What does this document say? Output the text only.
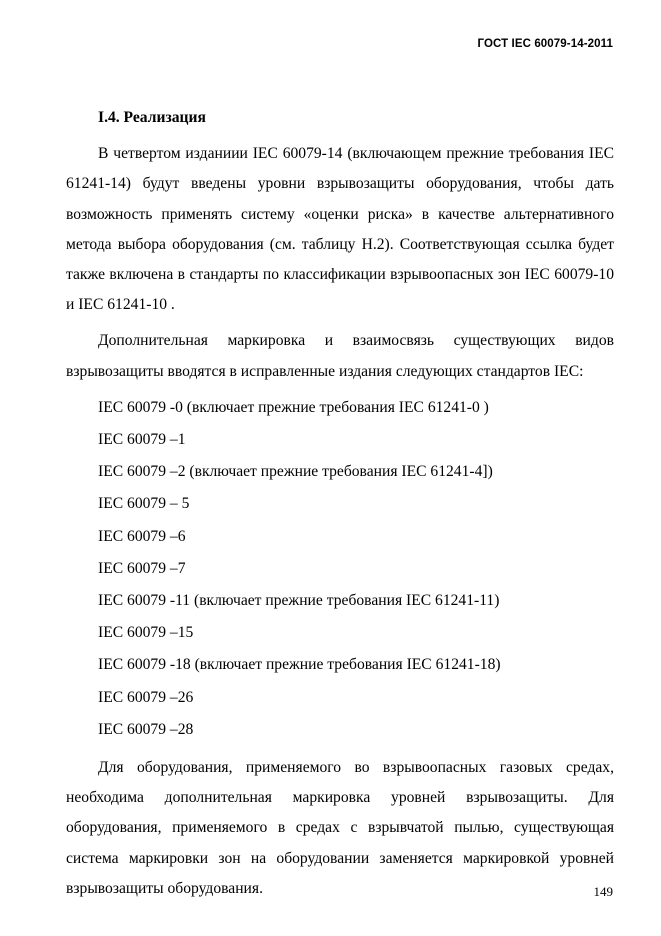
ГОСТ IEC 60079-14-2011

I.4. Реализация

В четвертом изданиии IEC 60079-14 (включающем прежние требования IEC 61241-14) будут введены уровни взрывозащиты оборудования, чтобы дать возможность применять систему «оценки риска» в качестве альтернативного метода выбора оборудования (см. таблицу Н.2). Соответствующая ссылка будет также включена в стандарты по классификации взрывоопасных зон IEC 60079-10 и IEC 61241-10 .

Дополнительная маркировка и взаимосвязь существующих видов взрывозащиты вводятся в исправленные издания следующих стандартов IEC:

IEC 60079 -0 (включает прежние требования IEC 61241-0 )
IEC 60079 –1
IEC 60079 –2 (включает прежние требования IEC 61241-4])
IEC 60079 – 5
IEC 60079 –6
IEC 60079 –7
IEC 60079 -11 (включает прежние требования IEC 61241-11)
IEC 60079 –15
IEC 60079 -18 (включает прежние требования IEC 61241-18)
IEC 60079 –26
IEC 60079 –28

Для оборудования, применяемого во взрывоопасных газовых средах, необходима дополнительная маркировка уровней взрывозащиты. Для оборудования, применяемого в средах с взрывчатой пылью, существующая система маркировки зон на оборудовании заменяется маркировкой уровней взрывозащиты оборудования.	149
